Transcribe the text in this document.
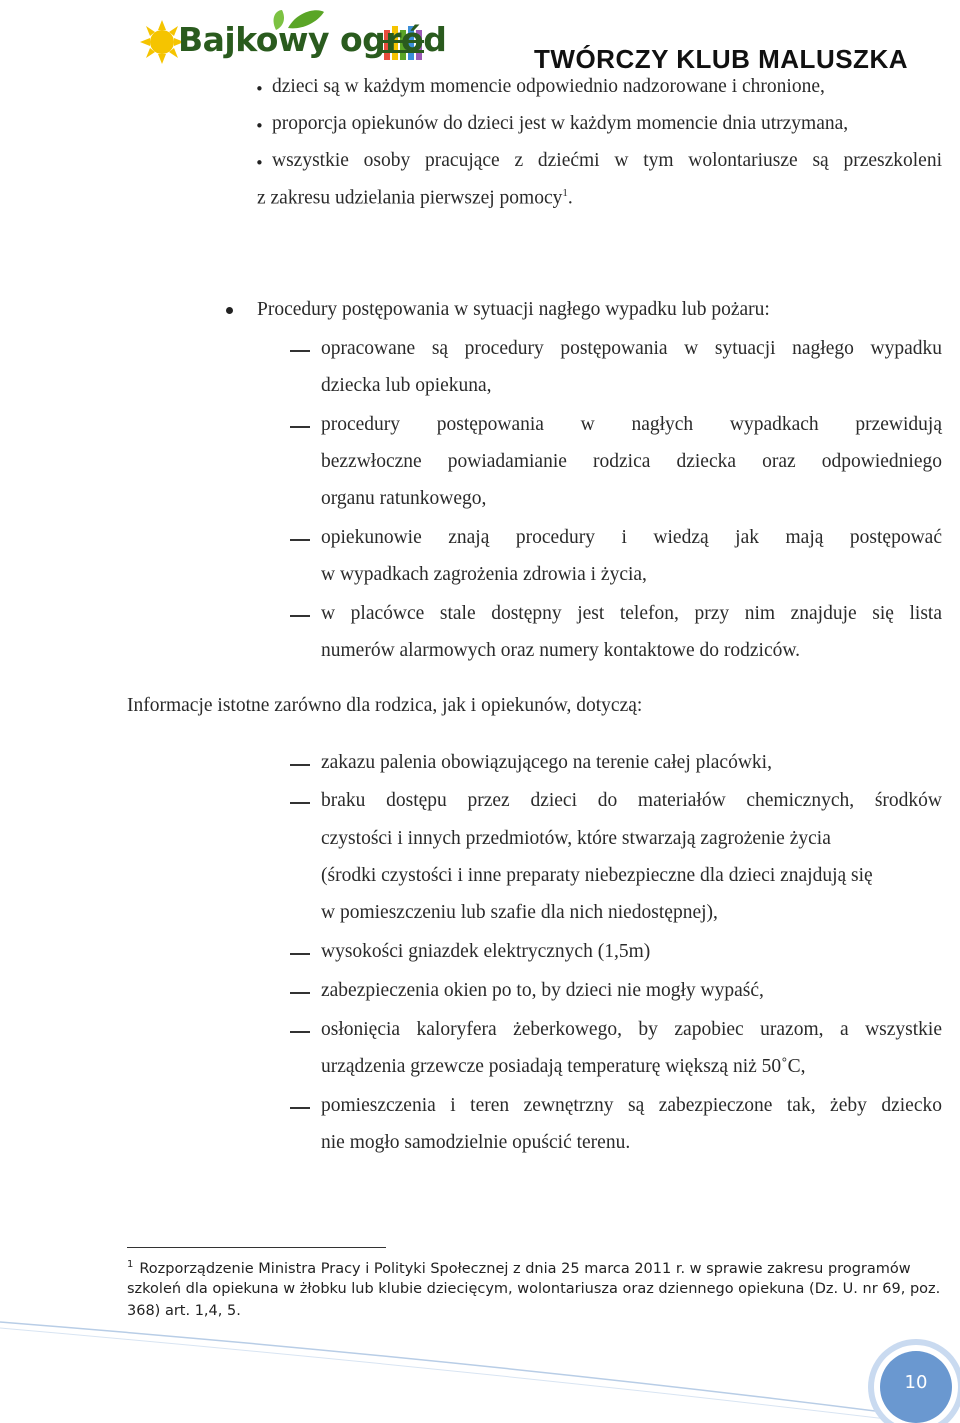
Bajkowy ogród	TWÓRCZY KLUB MALUSZKA
• dzieci są w każdym momencie odpowiednio nadzorowane i chronione,
• proporcja opiekunów do dzieci jest w każdym momencie dnia utrzymana,
• wszystkie osoby pracujące z dziećmi w tym wolontariusze są przeszkoleni
z zakresu udzielania pierwszej pomocy$^1$.
Procedury postępowania w sytuacji nagłego wypadku lub pożaru:
opracowane są procedury postępowania w sytuacji nagłego wypadku
dziecka lub opiekuna,
procedury postępowania w nagłych wypadkach przewidują
bezzwłoczne powiadamianie rodzica dziecka oraz odpowiedniego
organu ratunkowego,
opiekunowie znają procedury i wiedzą jak mają postępować
w wypadkach zagrożenia zdrowia i życia,
w placówce stale dostępny jest telefon, przy nim znajduje się lista
numerów alarmowych oraz numery kontaktowe do rodziców.
Informacje istotne zarówno dla rodzica, jak i opiekunów, dotyczą:
zakazu palenia obowiązującego na terenie całej placówki,
braku dostępu przez dzieci do materiałów chemicznych, środków
czystości i innych przedmiotów, które stwarzają zagrożenie życia
(środki czystości i inne preparaty niebezpieczne dla dzieci znajdują się
w pomieszczeniu lub szafie dla nich niedostępnej),
wysokości gniazdek elektrycznych (1,5m)
zabezpieczenia okien po to, by dzieci nie mogły wypaść,
osłonięcia kaloryfera żeberkowego, by zapobiec urazom, a wszystkie
urządzenia grzewcze posiadają temperaturę większą niż 50˚C,
pomieszczenia i teren zewnętrzny są zabezpieczone tak, żeby dziecko
nie mogło samodzielnie opuścić terenu.
$^1$ Rozporządzenie Ministra Pracy i Polityki Społecznej z dnia 25 marca 2011 r. w sprawie zakresu programów
szkoleń dla opiekuna w żłobku lub klubie dziecięcym, wolontariusza oraz dziennego opiekuna (Dz. U. nr 69, poz.
368) art. 1,4, 5.
10
